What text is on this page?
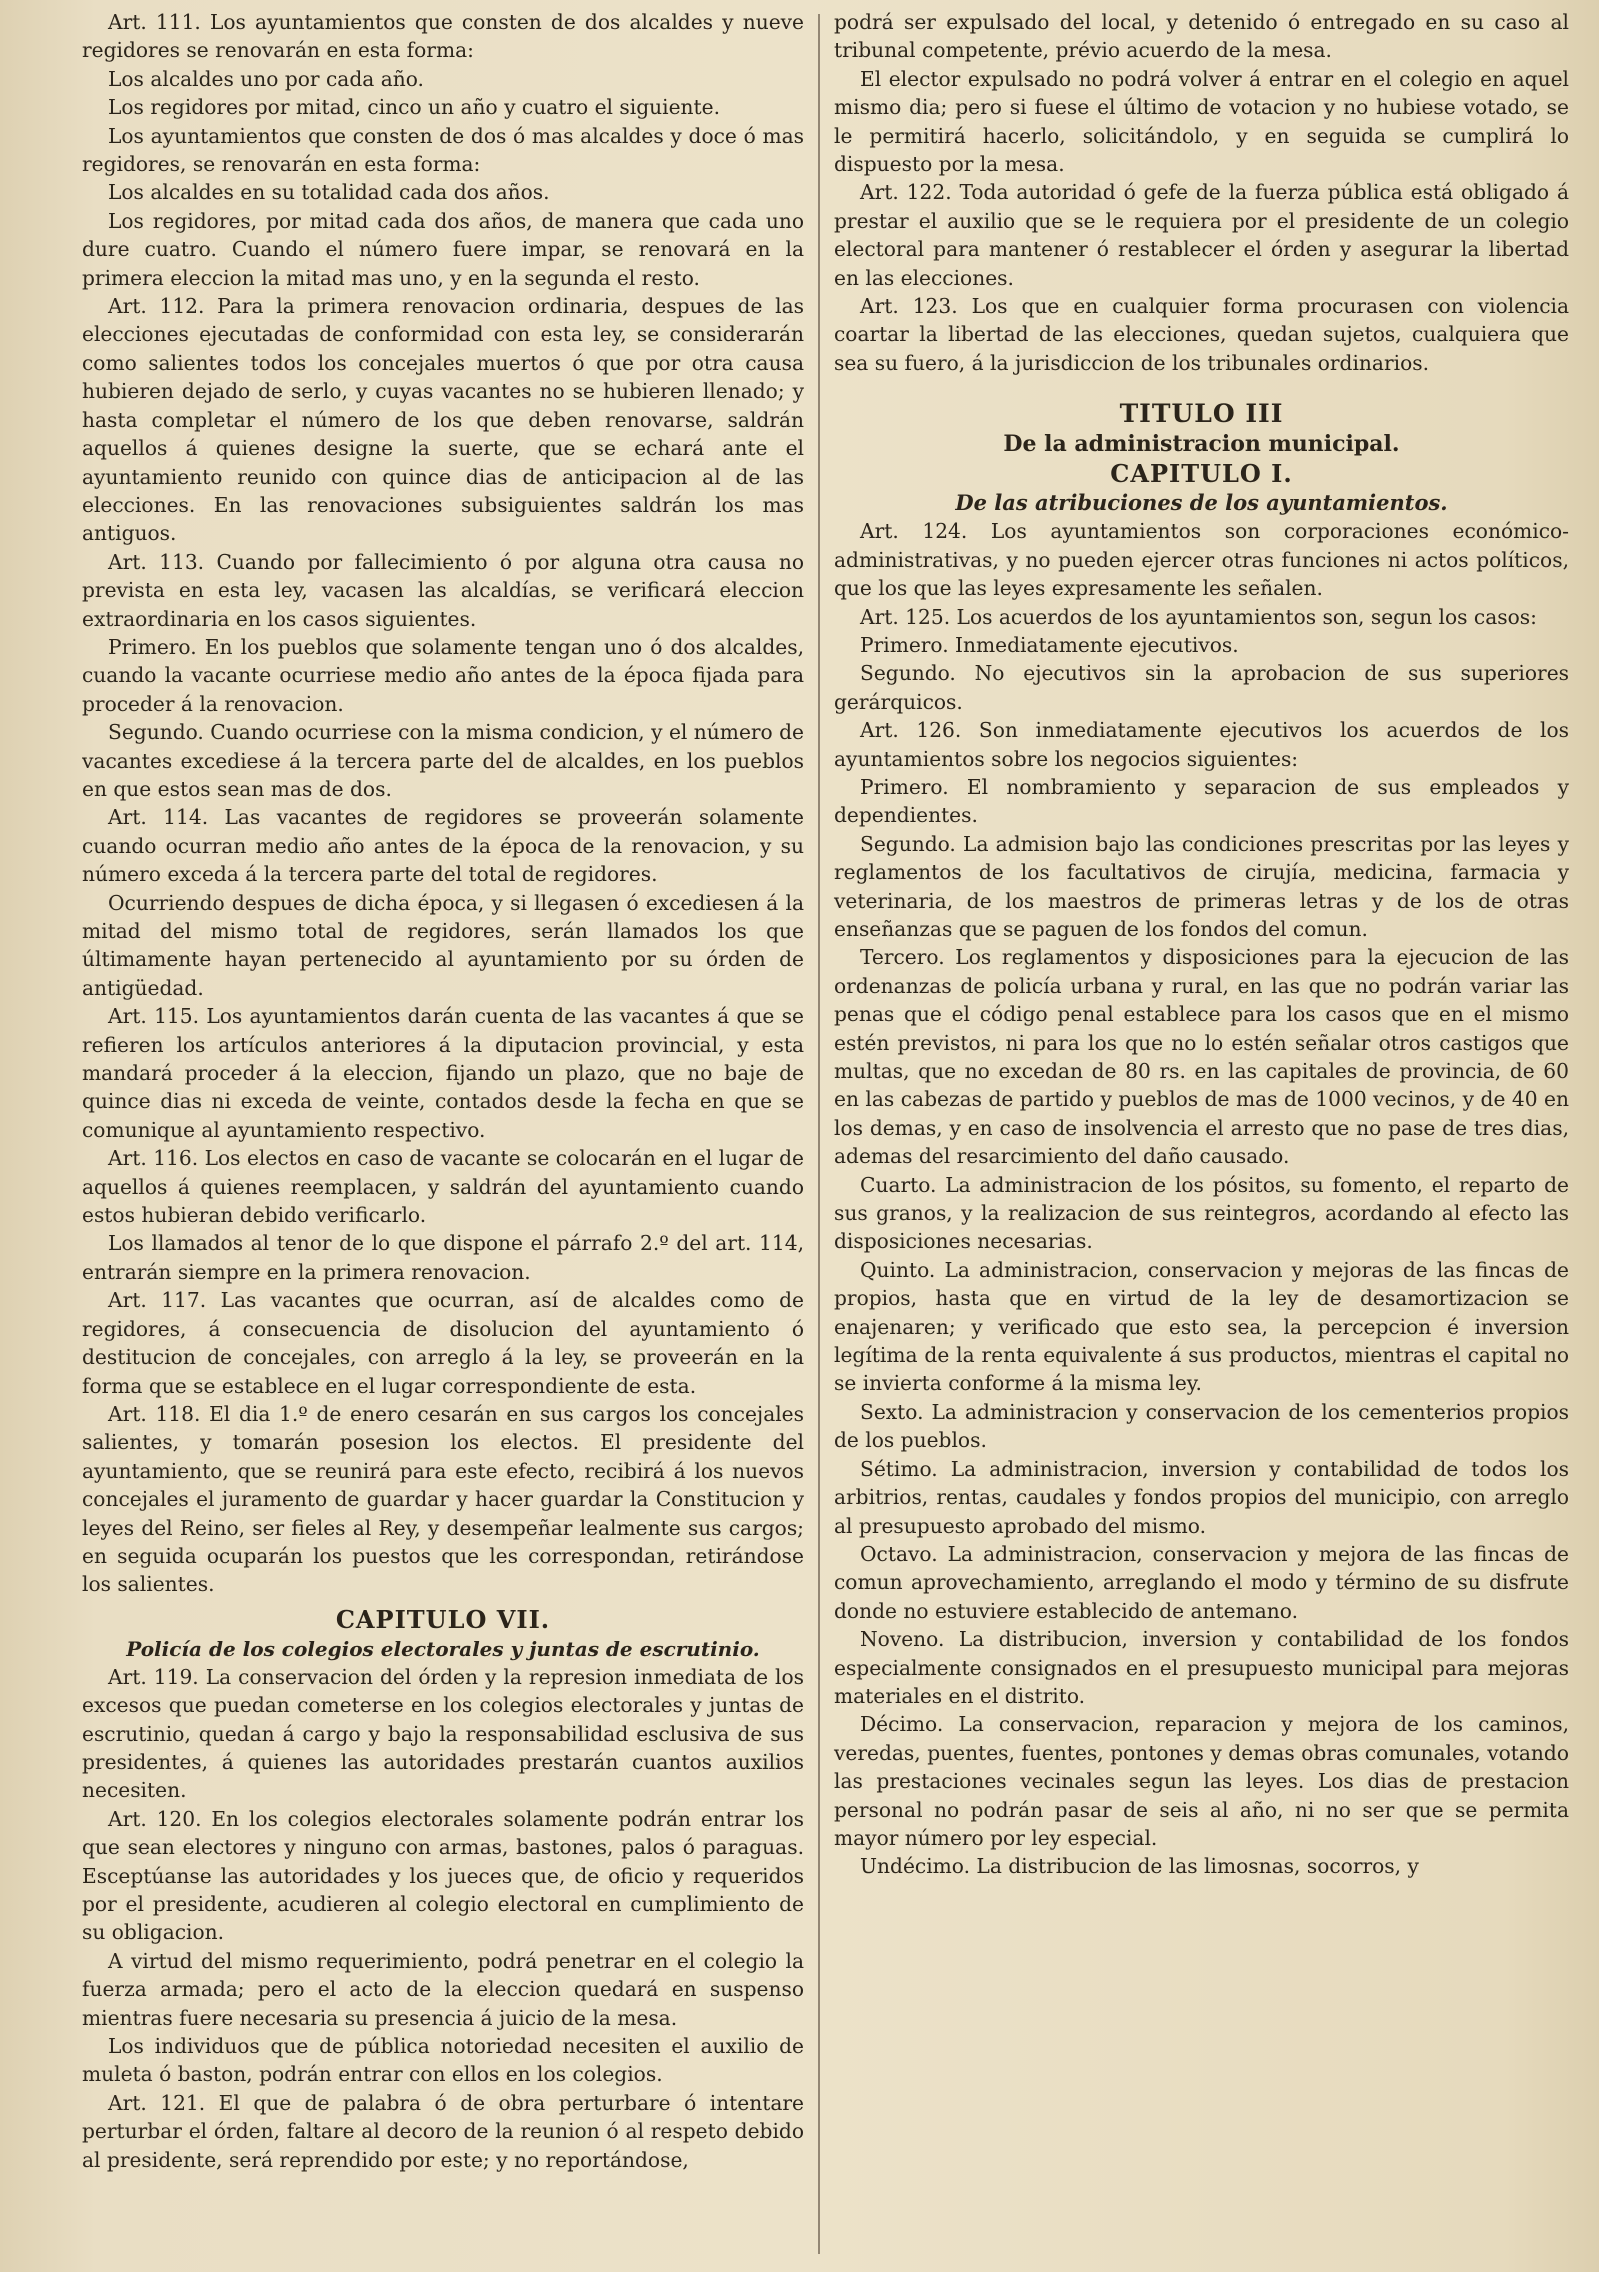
Art. 111. Los ayuntamientos que consten de dos alcaldes y nueve regidores se renovarán en esta forma:

Los alcaldes uno por cada año.

Los regidores por mitad, cinco un año y cuatro el siguiente.

Los ayuntamientos que consten de dos ó mas alcaldes y doce ó mas regidores, se renovarán en esta forma:

Los alcaldes en su totalidad cada dos años.

Los regidores, por mitad cada dos años, de manera que cada uno dure cuatro. Cuando el número fuere impar, se renovará en la primera eleccion la mitad mas uno, y en la segunda el resto.

Art. 112. Para la primera renovacion ordinaria, despues de las elecciones ejecutadas de conformidad con esta ley, se considerarán como salientes todos los concejales muertos ó que por otra causa hubieren dejado de serlo, y cuyas vacantes no se hubieren llenado; y hasta completar el número de los que deben renovarse, saldrán aquellos á quienes designe la suerte, que se echará ante el ayuntamiento reunido con quince dias de anticipacion al de las elecciones. En las renovaciones subsiguientes saldrán los mas antiguos.

Art. 113. Cuando por fallecimiento ó por alguna otra causa no prevista en esta ley, vacasen las alcaldías, se verificará eleccion extraordinaria en los casos siguientes.

Primero. En los pueblos que solamente tengan uno ó dos alcaldes, cuando la vacante ocurriese medio año antes de la época fijada para proceder á la renovacion.

Segundo. Cuando ocurriese con la misma condicion, y el número de vacantes excediese á la tercera parte del de alcaldes, en los pueblos en que estos sean mas de dos.

Art. 114. Las vacantes de regidores se proveerán solamente cuando ocurran medio año antes de la época de la renovacion, y su número exceda á la tercera parte del total de regidores.

Ocurriendo despues de dicha época, y si llegasen ó excediesen á la mitad del mismo total de regidores, serán llamados los que últimamente hayan pertenecido al ayuntamiento por su órden de antigüedad.

Art. 115. Los ayuntamientos darán cuenta de las vacantes á que se refieren los artículos anteriores á la diputacion provincial, y esta mandará proceder á la eleccion, fijando un plazo, que no baje de quince dias ni exceda de veinte, contados desde la fecha en que se comunique al ayuntamiento respectivo.

Art. 116. Los electos en caso de vacante se colocarán en el lugar de aquellos á quienes reemplacen, y saldrán del ayuntamiento cuando estos hubieran debido verificarlo.

Los llamados al tenor de lo que dispone el párrafo 2.º del art. 114, entrarán siempre en la primera renovacion.

Art. 117. Las vacantes que ocurran, así de alcaldes como de regidores, á consecuencia de disolucion del ayuntamiento ó destitucion de concejales, con arreglo á la ley, se proveerán en la forma que se establece en el lugar correspondiente de esta.

Art. 118. El dia 1.º de enero cesarán en sus cargos los concejales salientes, y tomarán posesion los electos. El presidente del ayuntamiento, que se reunirá para este efecto, recibirá á los nuevos concejales el juramento de guardar y hacer guardar la Constitucion y leyes del Reino, ser fieles al Rey, y desempeñar lealmente sus cargos; en seguida ocuparán los puestos que les correspondan, retirándose los salientes.

CAPITULO VII.
Policía de los colegios electorales y juntas de escrutinio.

Art. 119. La conservacion del órden y la represion inmediata de los excesos que puedan cometerse en los colegios electorales y juntas de escrutinio, quedan á cargo y bajo la responsabilidad esclusiva de sus presidentes, á quienes las autoridades prestarán cuantos auxilios necesiten.

Art. 120. En los colegios electorales solamente podrán entrar los que sean electores y ninguno con armas, bastones, palos ó paraguas. Esceptúanse las autoridades y los jueces que, de oficio y requeridos por el presidente, acudieren al colegio electoral en cumplimiento de su obligacion.

A virtud del mismo requerimiento, podrá penetrar en el colegio la fuerza armada; pero el acto de la eleccion quedará en suspenso mientras fuere necesaria su presencia á juicio de la mesa.

Los individuos que de pública notoriedad necesiten el auxilio de muleta ó baston, podrán entrar con ellos en los colegios.

Art. 121. El que de palabra ó de obra perturbare ó intentare perturbar el órden, faltare al decoro de la reunion ó al respeto debido al presidente, será reprendido por este; y no reportándose,

podrá ser expulsado del local, y detenido ó entregado en su caso al tribunal competente, prévio acuerdo de la mesa.

El elector expulsado no podrá volver á entrar en el colegio en aquel mismo dia; pero si fuese el último de votacion y no hubiese votado, se le permitirá hacerlo, solicitándolo, y en seguida se cumplirá lo dispuesto por la mesa.

Art. 122. Toda autoridad ó gefe de la fuerza pública está obligado á prestar el auxilio que se le requiera por el presidente de un colegio electoral para mantener ó restablecer el órden y asegurar la libertad en las elecciones.

Art. 123. Los que en cualquier forma procurasen con violencia coartar la libertad de las elecciones, quedan sujetos, cualquiera que sea su fuero, á la jurisdiccion de los tribunales ordinarios.

TITULO III
De la administracion municipal.
CAPITULO I.
De las atribuciones de los ayuntamientos.

Art. 124. Los ayuntamientos son corporaciones económico-administrativas, y no pueden ejercer otras funciones ni actos políticos, que los que las leyes expresamente les señalen.

Art. 125. Los acuerdos de los ayuntamientos son, segun los casos:

Primero. Inmediatamente ejecutivos.

Segundo. No ejecutivos sin la aprobacion de sus superiores gerárquicos.

Art. 126. Son inmediatamente ejecutivos los acuerdos de los ayuntamientos sobre los negocios siguientes:

Primero. El nombramiento y separacion de sus empleados y dependientes.

Segundo. La admision bajo las condiciones prescritas por las leyes y reglamentos de los facultativos de cirujía, medicina, farmacia y veterinaria, de los maestros de primeras letras y de los de otras enseñanzas que se paguen de los fondos del comun.

Tercero. Los reglamentos y disposiciones para la ejecucion de las ordenanzas de policía urbana y rural, en las que no podrán variar las penas que el código penal establece para los casos que en el mismo estén previstos, ni para los que no lo estén señalar otros castigos que multas, que no excedan de 80 rs. en las capitales de provincia, de 60 en las cabezas de partido y pueblos de mas de 1000 vecinos, y de 40 en los demas, y en caso de insolvencia el arresto que no pase de tres dias, ademas del resarcimiento del daño causado.

Cuarto. La administracion de los pósitos, su fomento, el reparto de sus granos, y la realizacion de sus reintegros, acordando al efecto las disposiciones necesarias.

Quinto. La administracion, conservacion y mejoras de las fincas de propios, hasta que en virtud de la ley de desamortizacion se enajenaren; y verificado que esto sea, la percepcion é inversion legítima de la renta equivalente á sus productos, mientras el capital no se invierta conforme á la misma ley.

Sexto. La administracion y conservacion de los cementerios propios de los pueblos.

Sétimo. La administracion, inversion y contabilidad de todos los arbitrios, rentas, caudales y fondos propios del municipio, con arreglo al presupuesto aprobado del mismo.

Octavo. La administracion, conservacion y mejora de las fincas de comun aprovechamiento, arreglando el modo y término de su disfrute donde no estuviere establecido de antemano.

Noveno. La distribucion, inversion y contabilidad de los fondos especialmente consignados en el presupuesto municipal para mejoras materiales en el distrito.

Décimo. La conservacion, reparacion y mejora de los caminos, veredas, puentes, fuentes, pontones y demas obras comunales, votando las prestaciones vecinales segun las leyes. Los dias de prestacion personal no podrán pasar de seis al año, ni no ser que se permita mayor número por ley especial.

Undécimo. La distribucion de las limosnas, socorros, y
